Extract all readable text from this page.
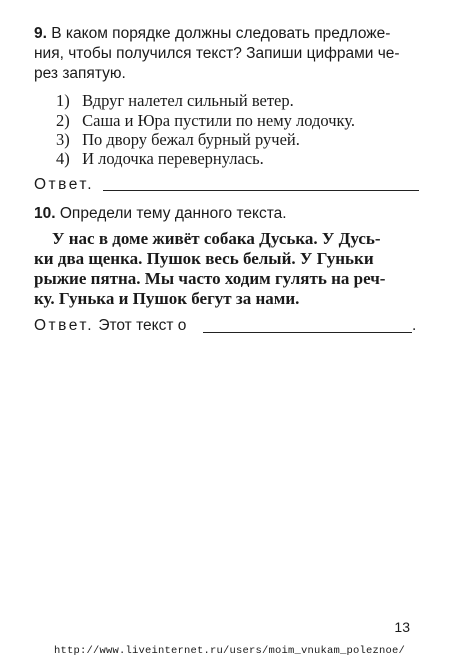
9. В каком порядке должны следовать предложе-
ния, чтобы получился текст? Запиши цифрами че-
рез запятую.
1) Вдруг налетел сильный ветер.
2) Саша и Юра пустили по нему лодочку.
3) По двору бежал бурный ручей.
4) И лодочка перевернулась.
Ответ.
10. Определи тему данного текста.
У нас в доме живёт собака Дуська. У Дусь-
ки два щенка. Пушок весь белый. У Гуньки
рыжие пятна. Мы часто ходим гулять на реч-
ку. Гунька и Пушок бегут за нами.
Ответ. Этот текст о	.
13
http://www.liveinternet.ru/users/moim_vnukam_poleznoe/
